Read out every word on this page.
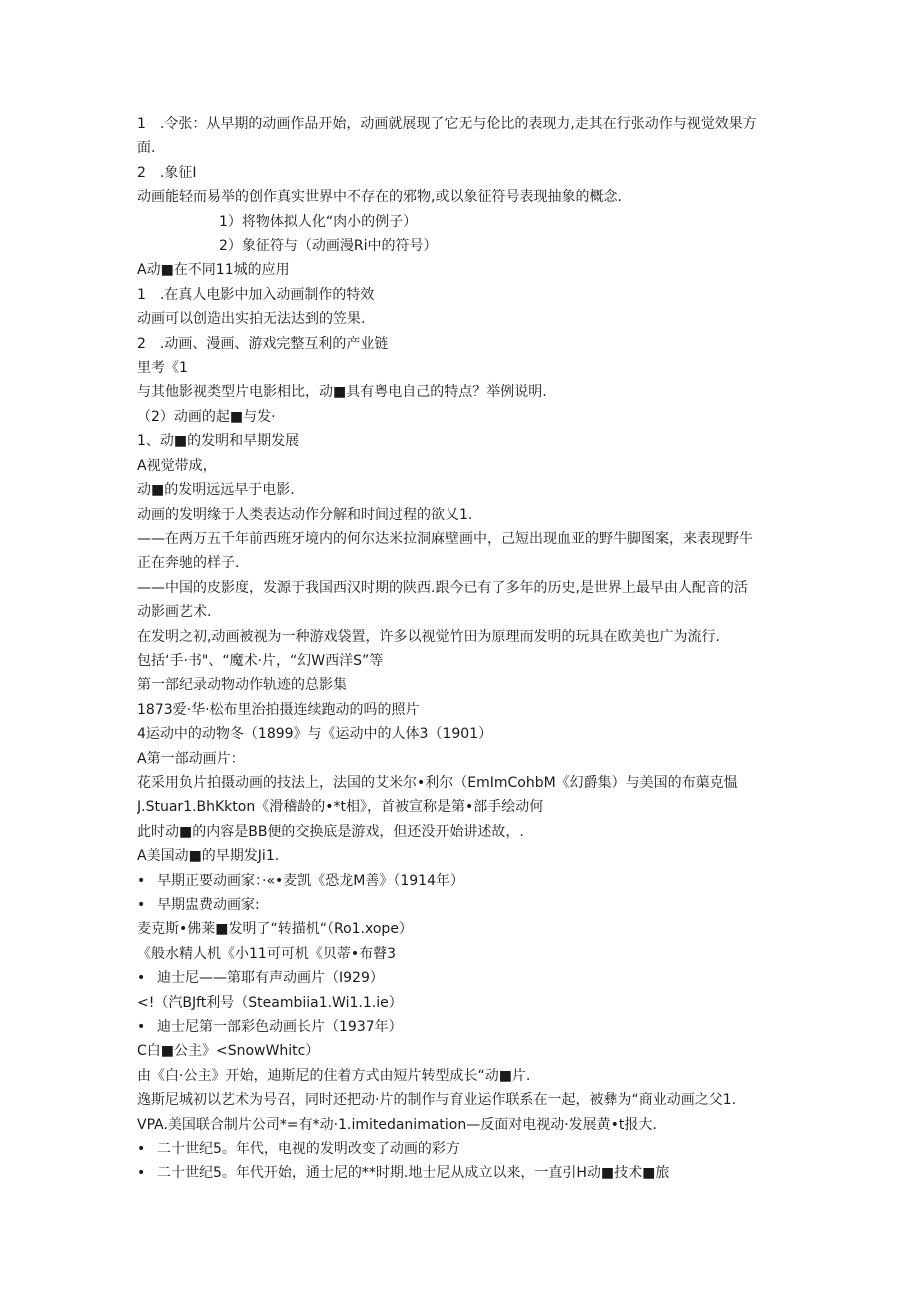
1　.令张：从早期的动画作品开始，动画就展现了它无与伦比的表现力,走其在行张动作与视觉效果方
面.
2　.象征I
动画能轻而易举的创作真实世界中不存在的邪物,或以象征符号表现抽象的概念.
1）将物体拟人化“肉小的例子）
2）象征符与（动画漫Ri中的符号）
A动■在不同11城的应用
1　.在真人电影中加入动画制作的特效
动画可以创造出实拍无法达到的笠果.
2　.动画、漫画、游戏完整互利的产业链
里考《1
与其他影视类型片电影相比，动■具有粤电自己的特点？举例说明.
（2）动画的起■与发·
1、动■的发明和早期发展
A视觉带成，
动■的发明远远早于电影.
动画的发明缘于人类表达动作分解和时间过程的欲乂1.
——在两万五千年前西班牙境内的何尔达米拉洞麻壁画中，己短出现血亚的野牛脚图案，来表现野牛
正在奔驰的样子.
——中国的皮影度，发源于我国西汉时期的陕西.跟今已有了多年的历史,是世界上最早由人配音的活
动影画艺术.
在发明之初,动画被视为一种游戏袋置，许多以视觉竹田为原理而发明的玩具在欧美也广为流行.
包括‘手·书"、“魔术·片，“幻W西洋S”等
第一部纪录动物动作轨迹的总影集
1873爱·华·松布里治拍摄连续跑动的吗的照片
4运动中的动物冬（1899》与《运动中的人体3（1901）
A第一部动画片：
花采用负片拍摄动画的技法上，法国的艾米尔•利尔（EmImCohbM《幻爵集）与美国的布蕖克愠
J.Stuar1.BhKkton《滑稽龄的•*t相》，首被宣称是第•部手绘动何
此时动■的内容是BB便的交换底是游戏，但还没开始讲述故，.
A美国动■的早期发Ji1.
• 早期正要动画家：·«•麦凯《恐龙M善》（1914年）
• 早期盅费动画家:
麦克斯•佛莱■发明了“转描机“（Ro1.xope）
《般水精人机《小11可可机《贝蒂•布瞽3
• 迪士尼——第耶有声动画片（I929）
<!（汽BJft利号（Steambiia1.Wi1.1.ie）
• 迪士尼第一部彩色动画长片（1937年）
C白■公主》<SnowWhitc）
由《白·公主》开始，迪斯尼的住着方式由短片转型成长“动■片.
逸斯尼城初以艺术为号召，同时还把动·片的制作与育业运作联系在一起，被彝为“商业动画之父1.
VPA.美国联合制片公司*=有*动·1.imitedanimation—反面对电视动·发展黄•t报大.
• 二十世纪5。年代，电视的发明改变了动画的彩方
• 二十世纪5。年代开始，通士尼的**时期.地士尼从成立以来，一直引H动■技术■旅
